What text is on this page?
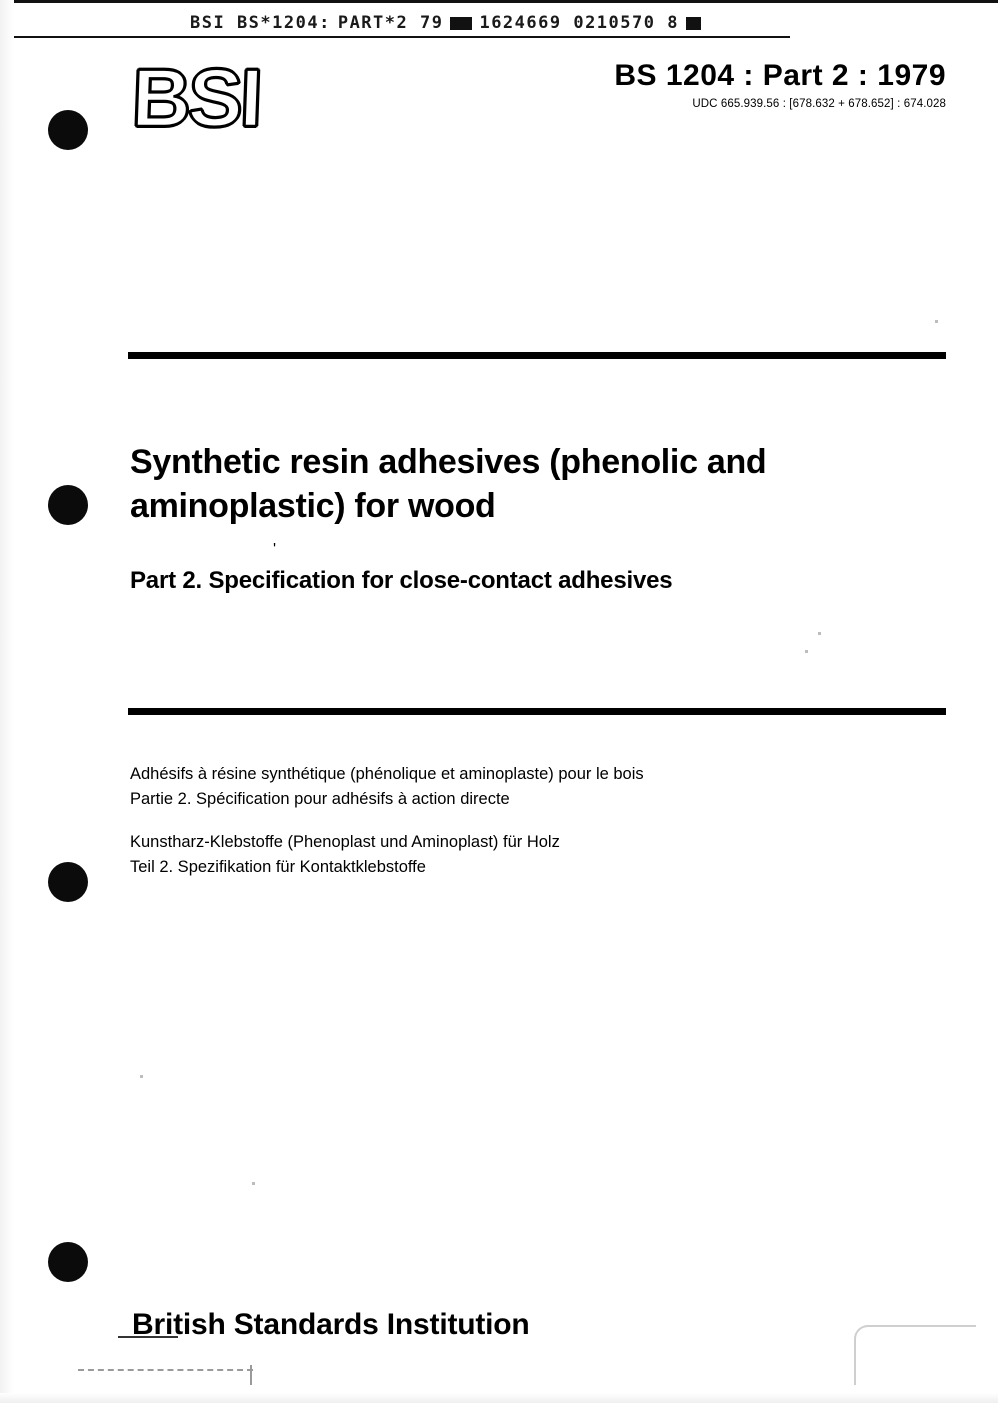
BSI BS*1204: PART*2 79 1624669 0210570 8
BSI	BS 1204 : Part 2 : 1979
UDC 665.939.56 : [678.632 + 678.652] : 674.028
Synthetic resin adhesives (phenolic and aminoplastic) for wood
'
Part 2. Specification for close-contact adhesives
Adhésifs à résine synthétique (phénolique et aminoplaste) pour le bois
Partie 2. Spécification pour adhésifs à action directe
Kunstharz-Klebstoffe (Phenoplast und Aminoplast) für Holz
Teil 2. Spezifikation für Kontaktklebstoffe
British Standards Institution
